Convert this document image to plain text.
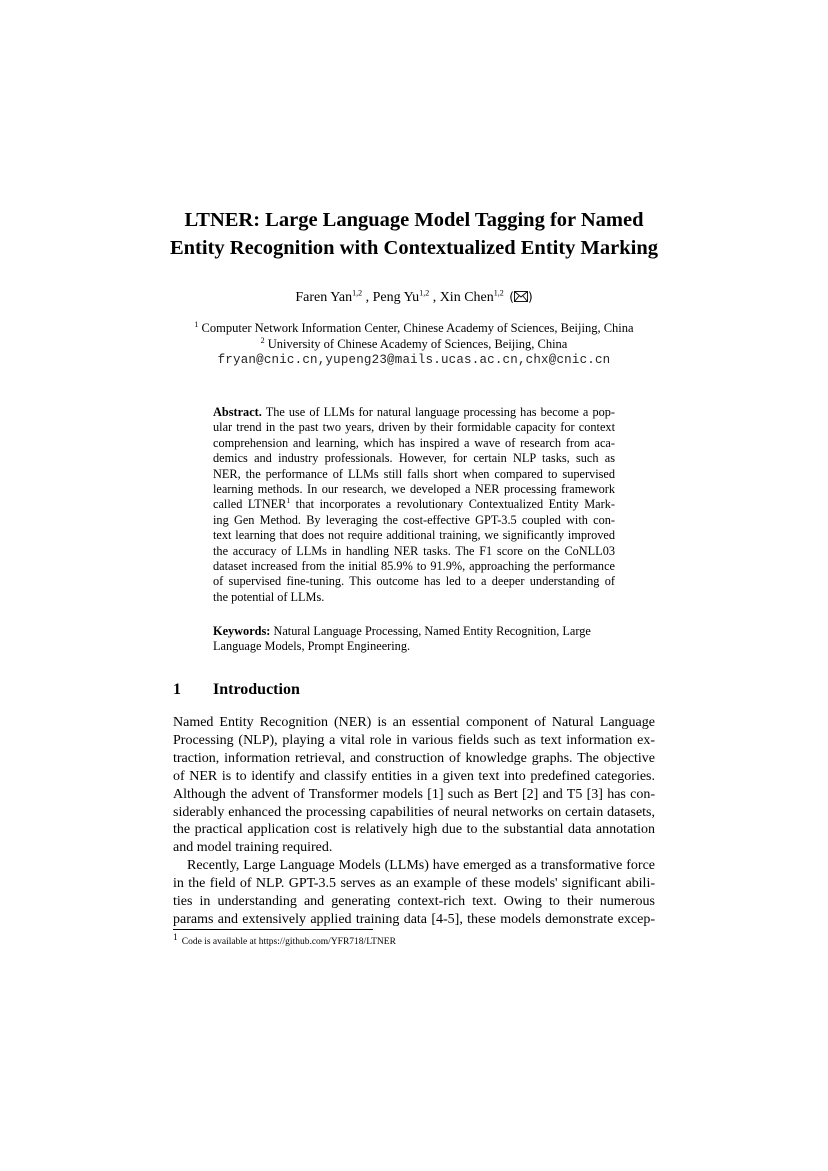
LTNER: Large Language Model Tagging for Named
Entity Recognition with Contextualized Entity Marking
Faren Yan$^{1,2}$ , Peng Yu$^{1,2}$ , Xin Chen$^{1,2}$ ( )
$^1$ Computer Network Information Center, Chinese Academy of Sciences, Beijing, China
$^2$ University of Chinese Academy of Sciences, Beijing, China
fryan@cnic.cn,yupeng23@mails.ucas.ac.cn,chx@cnic.cn
Abstract. The use of LLMs for natural language processing has become a pop-
ular trend in the past two years, driven by their formidable capacity for context
comprehension and learning, which has inspired a wave of research from aca-
demics and industry professionals. However, for certain NLP tasks, such as
NER, the performance of LLMs still falls short when compared to supervised
learning methods. In our research, we developed a NER processing framework
called LTNER$^1$ that incorporates a revolutionary Contextualized Entity Mark-
ing Gen Method. By leveraging the cost-effective GPT-3.5 coupled with con-
text learning that does not require additional training, we significantly improved
the accuracy of LLMs in handling NER tasks. The F1 score on the CoNLL03
dataset increased from the initial 85.9% to 91.9%, approaching the performance
of supervised fine-tuning. This outcome has led to a deeper understanding of
the potential of LLMs.
Keywords: Natural Language Processing, Named Entity Recognition, Large
Language Models, Prompt Engineering.
1 Introduction
Named Entity Recognition (NER) is an essential component of Natural Language
Processing (NLP), playing a vital role in various fields such as text information ex-
traction, information retrieval, and construction of knowledge graphs. The objective
of NER is to identify and classify entities in a given text into predefined categories.
Although the advent of Transformer models [1] such as Bert [2] and T5 [3] has con-
siderably enhanced the processing capabilities of neural networks on certain datasets,
the practical application cost is relatively high due to the substantial data annotation
and model training required.
Recently, Large Language Models (LLMs) have emerged as a transformative force
in the field of NLP. GPT-3.5 serves as an example of these models' significant abili-
ties in understanding and generating context-rich text. Owing to their numerous
params and extensively applied training data [4-5], these models demonstrate excep-
$^1$ Code is available at https://github.com/YFR718/LTNER
